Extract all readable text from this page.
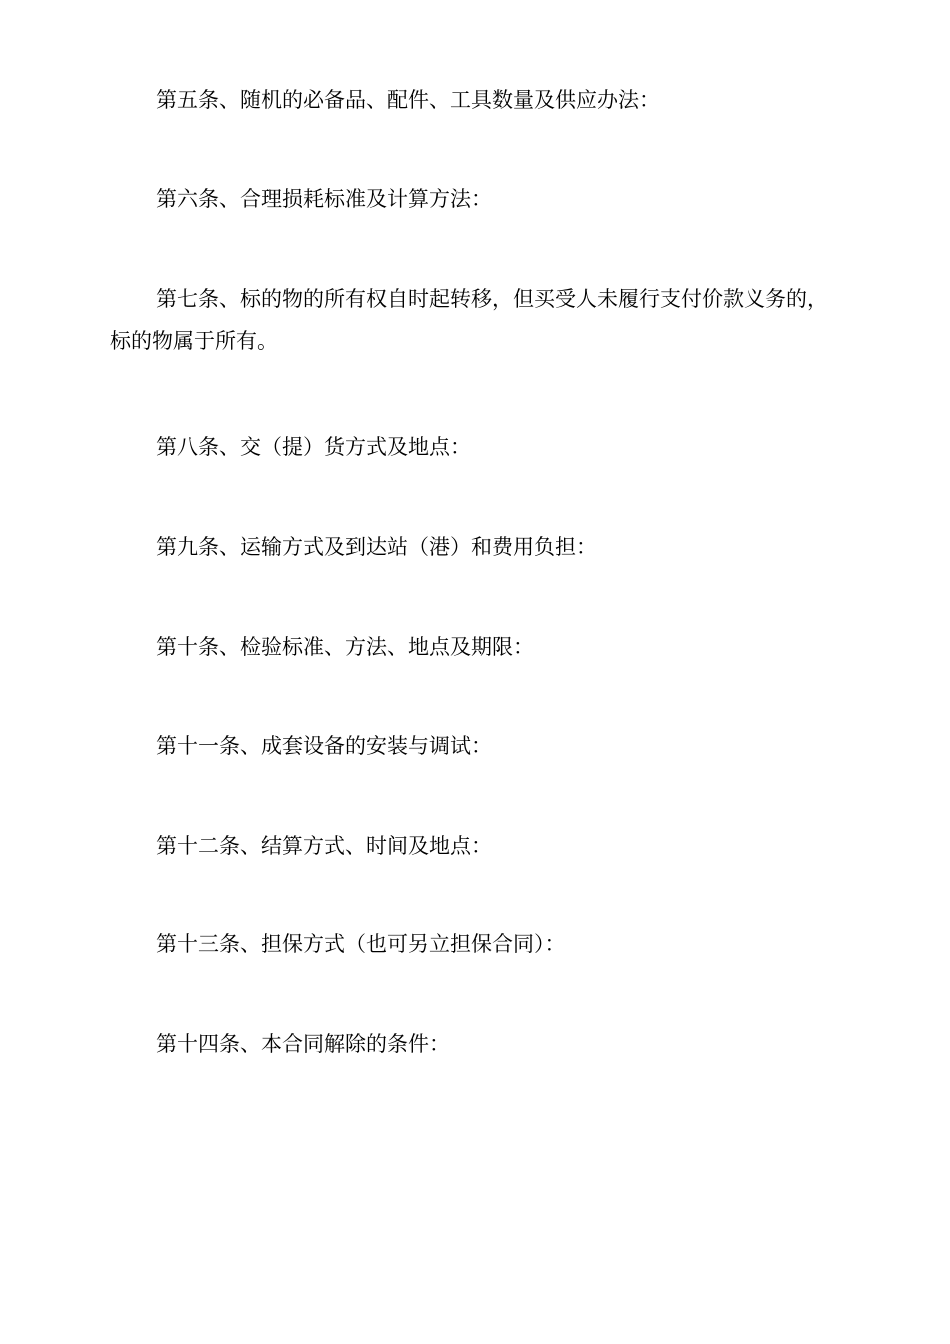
第五条、随机的必备品、配件、工具数量及供应办法：

第六条、合理损耗标准及计算方法：

第七条、标的物的所有权自时起转移，但买受人未履行支付价款义务的，标的物属于所有。

第八条、交（提）货方式及地点：

第九条、运输方式及到达站（港）和费用负担：

第十条、检验标准、方法、地点及期限：

第十一条、成套设备的安装与调试：

第十二条、结算方式、时间及地点：

第十三条、担保方式（也可另立担保合同）：

第十四条、本合同解除的条件：
